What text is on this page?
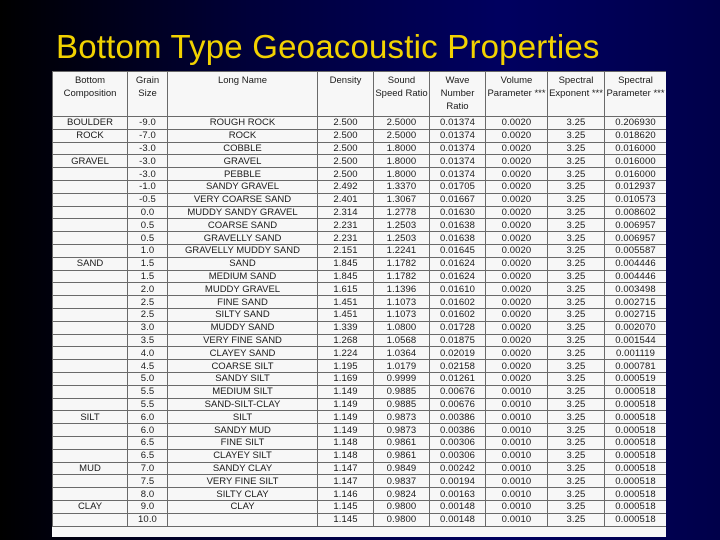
Bottom Type Geoacoustic Properties
Bottom Composition	Grain Size	Long Name	Density	Sound Speed Ratio	Wave Number Ratio	Volume Parameter ***	Spectral Exponent ***	Spectral Parameter ***
BOULDER	-9.0	ROUGH ROCK	2.500	2.5000	0.01374	0.0020	3.25	0.206930
ROCK	-7.0	ROCK	2.500	2.5000	0.01374	0.0020	3.25	0.018620
	-3.0	COBBLE	2.500	1.8000	0.01374	0.0020	3.25	0.016000
GRAVEL	-3.0	GRAVEL	2.500	1.8000	0.01374	0.0020	3.25	0.016000
	-3.0	PEBBLE	2.500	1.8000	0.01374	0.0020	3.25	0.016000
	-1.0	SANDY GRAVEL	2.492	1.3370	0.01705	0.0020	3.25	0.012937
	-0.5	VERY COARSE SAND	2.401	1.3067	0.01667	0.0020	3.25	0.010573
	0.0	MUDDY SANDY GRAVEL	2.314	1.2778	0.01630	0.0020	3.25	0.008602
	0.5	COARSE SAND	2.231	1.2503	0.01638	0.0020	3.25	0.006957
	0.5	GRAVELLY SAND	2.231	1.2503	0.01638	0.0020	3.25	0.006957
	1.0	GRAVELLY MUDDY SAND	2.151	1.2241	0.01645	0.0020	3.25	0.005587
SAND	1.5	SAND	1.845	1.1782	0.01624	0.0020	3.25	0.004446
	1.5	MEDIUM SAND	1.845	1.1782	0.01624	0.0020	3.25	0.004446
	2.0	MUDDY GRAVEL	1.615	1.1396	0.01610	0.0020	3.25	0.003498
	2.5	FINE SAND	1.451	1.1073	0.01602	0.0020	3.25	0.002715
	2.5	SILTY SAND	1.451	1.1073	0.01602	0.0020	3.25	0.002715
	3.0	MUDDY SAND	1.339	1.0800	0.01728	0.0020	3.25	0.002070
	3.5	VERY FINE SAND	1.268	1.0568	0.01875	0.0020	3.25	0.001544
	4.0	CLAYEY SAND	1.224	1.0364	0.02019	0.0020	3.25	0.001119
	4.5	COARSE SILT	1.195	1.0179	0.02158	0.0020	3.25	0.000781
	5.0	SANDY SILT	1.169	0.9999	0.01261	0.0020	3.25	0.000519
	5.5	MEDIUM SILT	1.149	0.9885	0.00676	0.0010	3.25	0.000518
	5.5	SAND-SILT-CLAY	1.149	0.9885	0.00676	0.0010	3.25	0.000518
SILT	6.0	SILT	1.149	0.9873	0.00386	0.0010	3.25	0.000518
	6.0	SANDY MUD	1.149	0.9873	0.00386	0.0010	3.25	0.000518
	6.5	FINE SILT	1.148	0.9861	0.00306	0.0010	3.25	0.000518
	6.5	CLAYEY SILT	1.148	0.9861	0.00306	0.0010	3.25	0.000518
MUD	7.0	SANDY CLAY	1.147	0.9849	0.00242	0.0010	3.25	0.000518
	7.5	VERY FINE SILT	1.147	0.9837	0.00194	0.0010	3.25	0.000518
	8.0	SILTY CLAY	1.146	0.9824	0.00163	0.0010	3.25	0.000518
CLAY	9.0	CLAY	1.145	0.9800	0.00148	0.0010	3.25	0.000518
	10.0		1.145	0.9800	0.00148	0.0010	3.25	0.000518
